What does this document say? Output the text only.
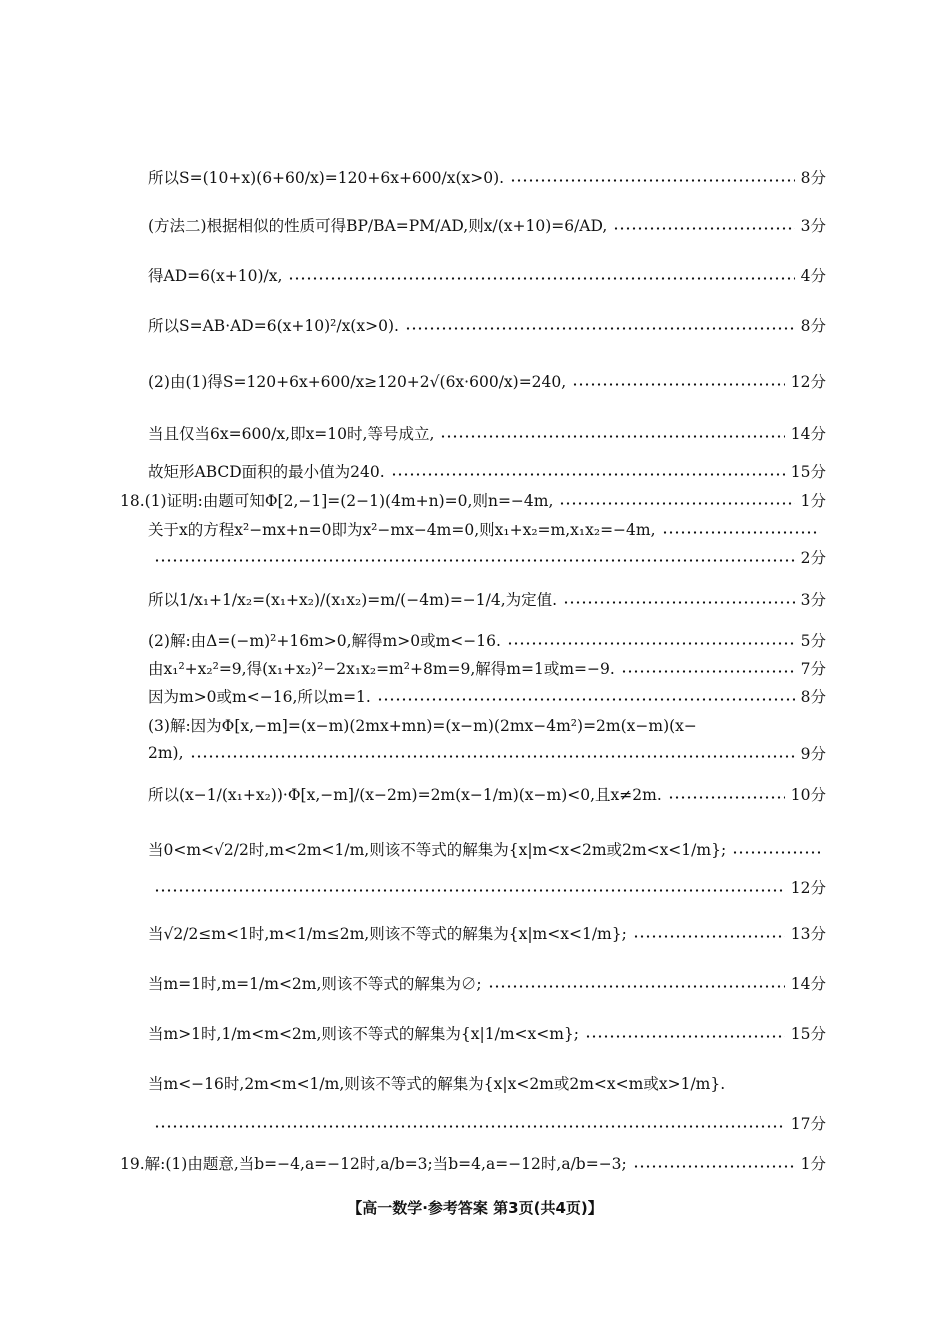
所以S=(10+x)(6+60/x)=120+6x+600/x(x>0).	8分
(方法二)根据相似的性质可得BP/BA=PM/AD,则x/(x+10)=6/AD,	3分
得AD=6(x+10)/x,	4分
所以S=AB·AD=6(x+10)²/x(x>0).	8分
(2)由(1)得S=120+6x+600/x≥120+2√(6x·600/x)=240,	12分
当且仅当6x=600/x,即x=10时,等号成立,	14分
故矩形ABCD面积的最小值为240.	15分
18.(1)证明:由题可知Φ[2,−1]=(2−1)(4m+n)=0,则n=−4m,	1分
关于x的方程x²−mx+n=0即为x²−mx−4m=0,则x₁+x₂=m,x₁x₂=−4m,
2分
所以1/x₁+1/x₂=(x₁+x₂)/(x₁x₂)=m/(−4m)=−1/4,为定值.	3分
(2)解:由Δ=(−m)²+16m>0,解得m>0或m<−16.	5分
由x₁²+x₂²=9,得(x₁+x₂)²−2x₁x₂=m²+8m=9,解得m=1或m=−9.	7分
因为m>0或m<−16,所以m=1.	8分
(3)解:因为Φ[x,−m]=(x−m)(2mx+mn)=(x−m)(2mx−4m²)=2m(x−m)(x−
2m),	9分
所以(x−1/(x₁+x₂))·Φ[x,−m]/(x−2m)=2m(x−1/m)(x−m)<0,且x≠2m.	10分
当0<m<√2/2时,m<2m<1/m,则该不等式的解集为{x|m<x<2m或2m<x<1/m};
12分
当√2/2≤m<1时,m<1/m≤2m,则该不等式的解集为{x|m<x<1/m};	13分
当m=1时,m=1/m<2m,则该不等式的解集为∅;	14分
当m>1时,1/m<m<2m,则该不等式的解集为{x|1/m<x<m};	15分
当m<−16时,2m<m<1/m,则该不等式的解集为{x|x<2m或2m<x<m或x>1/m}.
17分
19.解:(1)由题意,当b=−4,a=−12时,a/b=3;当b=4,a=−12时,a/b=−3;	1分
【高一数学·参考答案 第3页(共4页)】
